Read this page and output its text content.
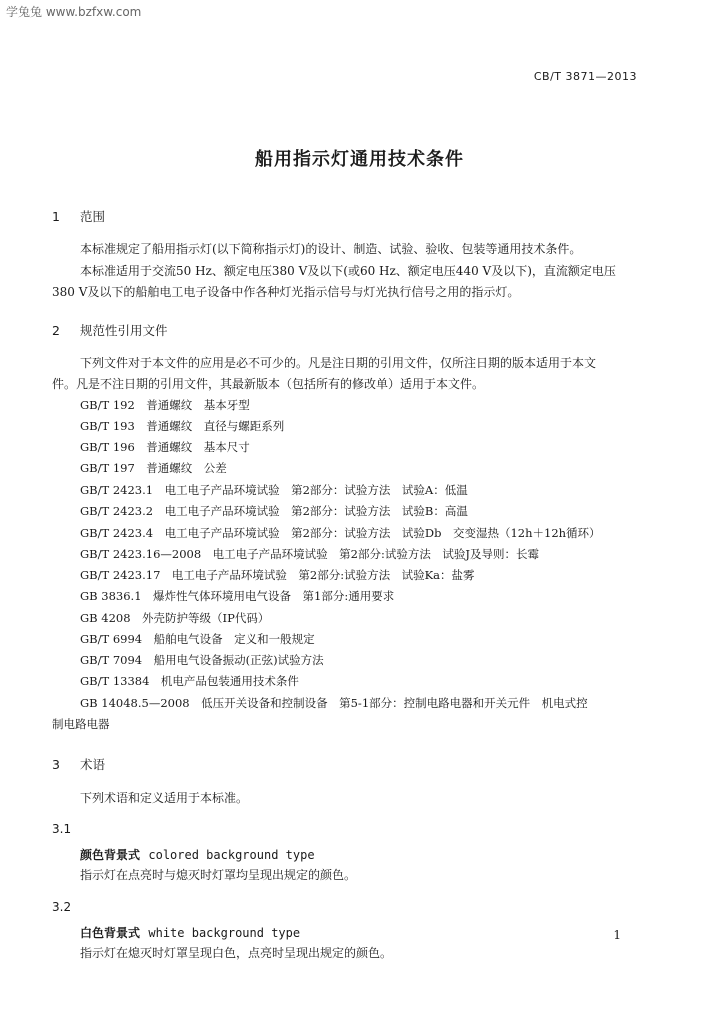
学兔兔 www.bzfxw.com
CB/T 3871—2013
船用指示灯通用技术条件
1 范围
本标准规定了船用指示灯(以下简称指示灯)的设计、制造、试验、验收、包装等通用技术条件。
本标准适用于交流50 Hz、额定电压380 V及以下(或60 Hz、额定电压440 V及以下)，直流额定电压
380 V及以下的船舶电工电子设备中作各种灯光指示信号与灯光执行信号之用的指示灯。
2 规范性引用文件
下列文件对于本文件的应用是必不可少的。凡是注日期的引用文件，仅所注日期的版本适用于本文
件。凡是不注日期的引用文件，其最新版本（包括所有的修改单）适用于本文件。
GB/T 192　普通螺纹　基本牙型
GB/T 193　普通螺纹　直径与螺距系列
GB/T 196　普通螺纹　基本尺寸
GB/T 197　普通螺纹　公差
GB/T 2423.1　电工电子产品环境试验　第2部分：试验方法　试验A：低温
GB/T 2423.2　电工电子产品环境试验　第2部分：试验方法　试验B：高温
GB/T 2423.4　电工电子产品环境试验　第2部分：试验方法　试验Db　交变湿热（12h＋12h循环）
GB/T 2423.16—2008　电工电子产品环境试验　第2部分:试验方法　试验J及导则：长霉
GB/T 2423.17　电工电子产品环境试验　第2部分:试验方法　试验Ka：盐雾
GB 3836.1　爆炸性气体环境用电气设备　第1部分:通用要求
GB 4208　外壳防护等级（IP代码）
GB/T 6994　船舶电气设备　定义和一般规定
GB/T 7094　船用电气设备振动(正弦)试验方法
GB/T 13384　机电产品包装通用技术条件
GB 14048.5—2008　低压开关设备和控制设备　第5-1部分：控制电路电器和开关元件　机电式控
制电路电器
3 术语
下列术语和定义适用于本标准。
3.1
颜色背景式 colored background type
指示灯在点亮时与熄灭时灯罩均呈现出规定的颜色。
3.2
白色背景式 white background type
指示灯在熄灭时灯罩呈现白色，点亮时呈现出规定的颜色。
1
